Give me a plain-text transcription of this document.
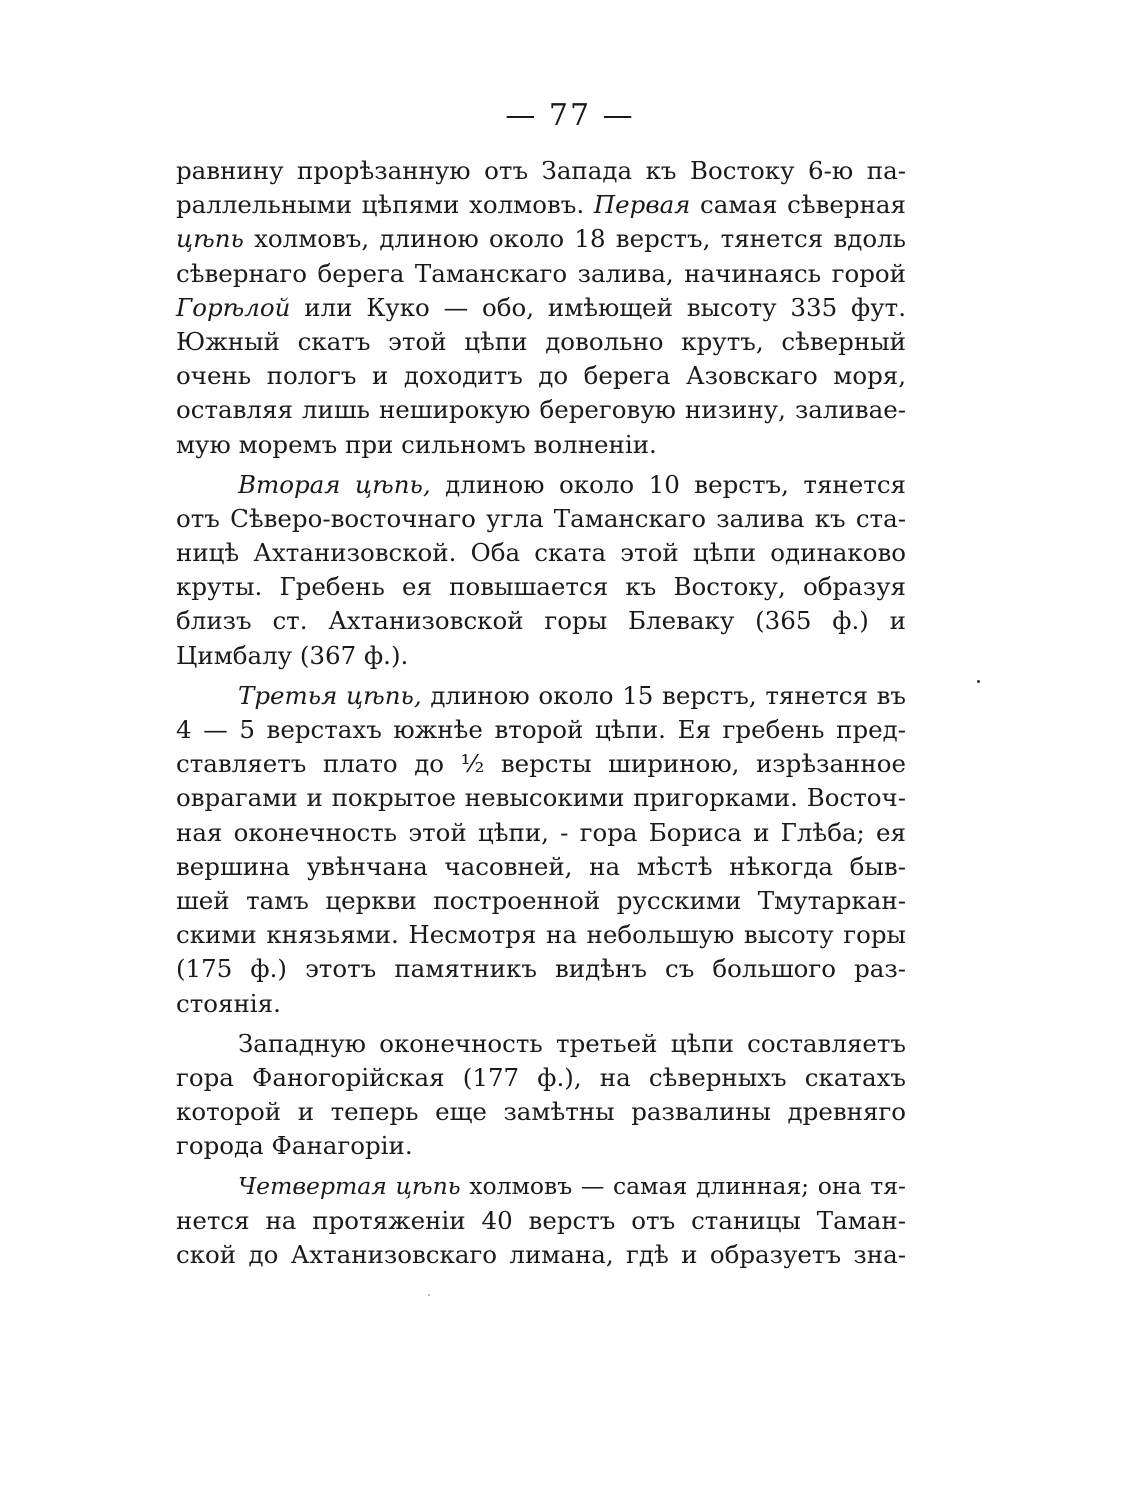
— 77 —
равнину прорѣзанную отъ Запада къ Востоку 6-ю па-
раллельными цѣпями холмовъ. Первая самая сѣверная
цѣпь холмовъ, длиною около 18 верстъ, тянется вдоль
сѣвернаго берега Таманскаго залива, начинаясь горой
Горѣлой или Куко — обо, имѣющей высоту 335 фут.
Южный скатъ этой цѣпи довольно крутъ, сѣверный
очень пологъ и доходитъ до берега Азовскаго моря,
оставляя лишь неширокую береговую низину, заливае-
мую моремъ при сильномъ волненіи.
Вторая цѣпь, длиною около 10 верстъ, тянется
отъ Сѣверо-восточнаго угла Таманскаго залива къ ста-
ницѣ Ахтанизовской. Оба ската этой цѣпи одинаково
круты. Гребень ея повышается къ Востоку, образуя
близъ ст. Ахтанизовской горы Блеваку (365 ф.) и
Цимбалу (367 ф.).
Третья цѣпь, длиною около 15 верстъ, тянется въ
4 — 5 верстахъ южнѣе второй цѣпи. Ея гребень пред-
ставляетъ плато до ½ версты шириною, изрѣзанное
оврагами и покрытое невысокими пригорками. Восточ-
ная оконечность этой цѣпи, - гора Бориса и Глѣба; ея
вершина увѣнчана часовней, на мѣстѣ нѣкогда быв-
шей тамъ церкви построенной русскими Тмутаркан-
скими князьями. Несмотря на небольшую высоту горы
(175 ф.) этотъ памятникъ видѣнъ съ большого раз-
стоянія.
Западную оконечность третьей цѣпи составляетъ
гора Фаногорійская (177 ф.), на сѣверныхъ скатахъ
которой и теперь еще замѣтны развалины древняго
города Фанагоріи.
Четвертая цѣпь холмовъ — самая длинная; она тя-
нется на протяженіи 40 верстъ отъ станицы Таман-
ской до Ахтанизовскаго лимана, гдѣ и образуетъ зна-
